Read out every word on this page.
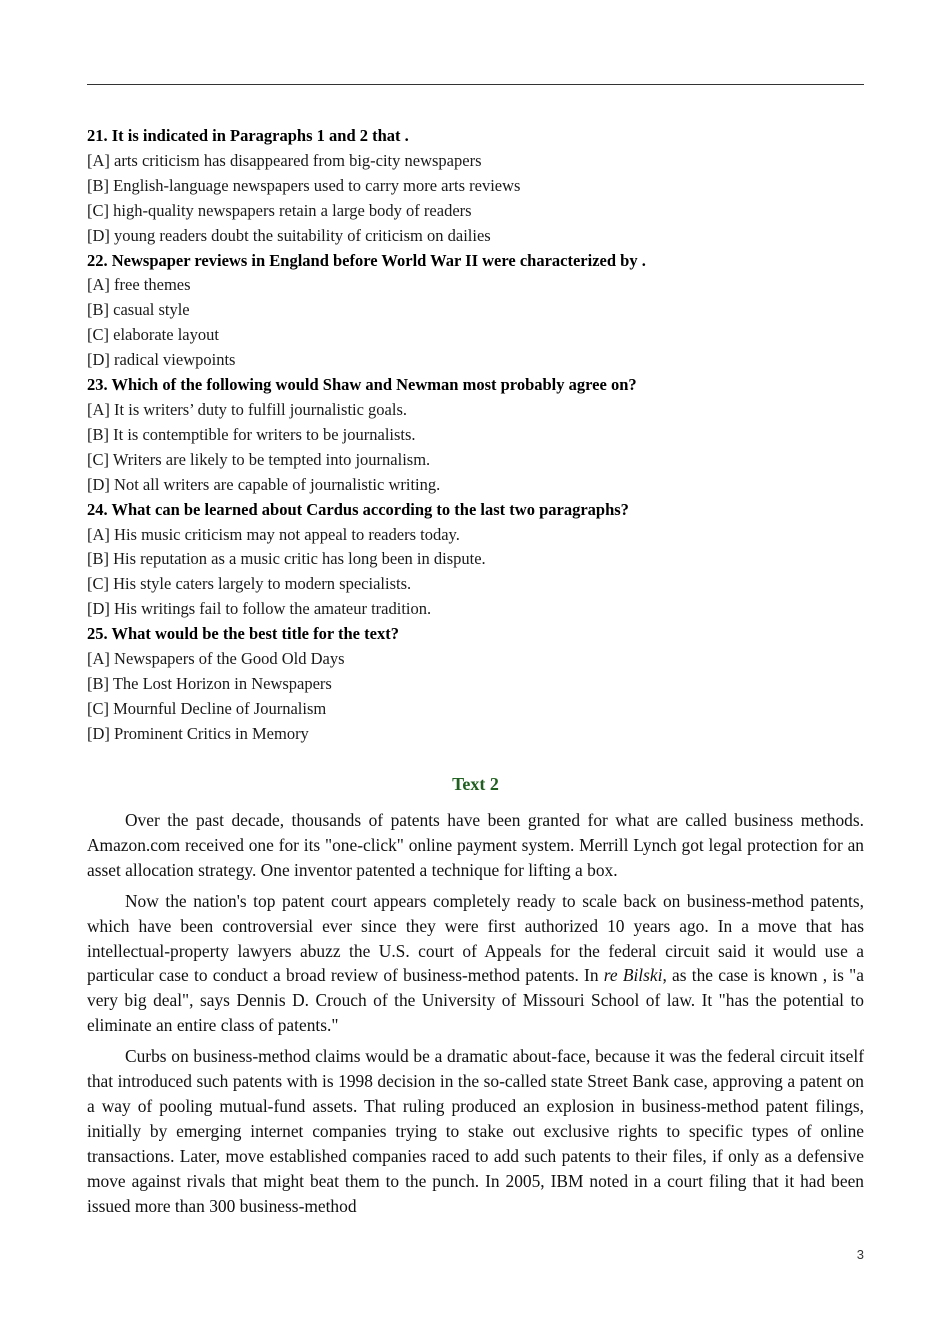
21. It is indicated in Paragraphs 1 and 2 that .
[A] arts criticism has disappeared from big-city newspapers
[B] English-language newspapers used to carry more arts reviews
[C] high-quality newspapers retain a large body of readers
[D] young readers doubt the suitability of criticism on dailies
22. Newspaper reviews in England before World War II were characterized by .
[A] free themes
[B] casual style
[C] elaborate layout
[D] radical viewpoints
23. Which of the following would Shaw and Newman most probably agree on?
[A] It is writers’ duty to fulfill journalistic goals.
[B] It is contemptible for writers to be journalists.
[C] Writers are likely to be tempted into journalism.
[D] Not all writers are capable of journalistic writing.
24. What can be learned about Cardus according to the last two paragraphs?
[A] His music criticism may not appeal to readers today.
[B] His reputation as a music critic has long been in dispute.
[C] His style caters largely to modern specialists.
[D] His writings fail to follow the amateur tradition.
25. What would be the best title for the text?
[A] Newspapers of the Good Old Days
[B] The Lost Horizon in Newspapers
[C] Mournful Decline of Journalism
[D] Prominent Critics in Memory
Text 2

Over the past decade, thousands of patents have been granted for what are called business methods. Amazon.com received one for its "one-click" online payment system. Merrill Lynch got legal protection for an asset allocation strategy. One inventor patented a technique for lifting a box.

Now the nation's top patent court appears completely ready to scale back on business-method patents, which have been controversial ever since they were first authorized 10 years ago. In a move that has intellectual-property lawyers abuzz the U.S. court of Appeals for the federal circuit said it would use a particular case to conduct a broad review of business-method patents. In re Bilski, as the case is known , is "a very big deal", says Dennis D. Crouch of the University of Missouri School of law. It "has the potential to eliminate an entire class of patents."

Curbs on business-method claims would be a dramatic about-face, because it was the federal circuit itself that introduced such patents with is 1998 decision in the so-called state Street Bank case, approving a patent on a way of pooling mutual-fund assets. That ruling produced an explosion in business-method patent filings, initially by emerging internet companies trying to stake out exclusive rights to specific types of online transactions. Later, move established companies raced to add such patents to their files, if only as a defensive move against rivals that might beat them to the punch. In 2005, IBM noted in a court filing that it had been issued more than 300 business-method

3
